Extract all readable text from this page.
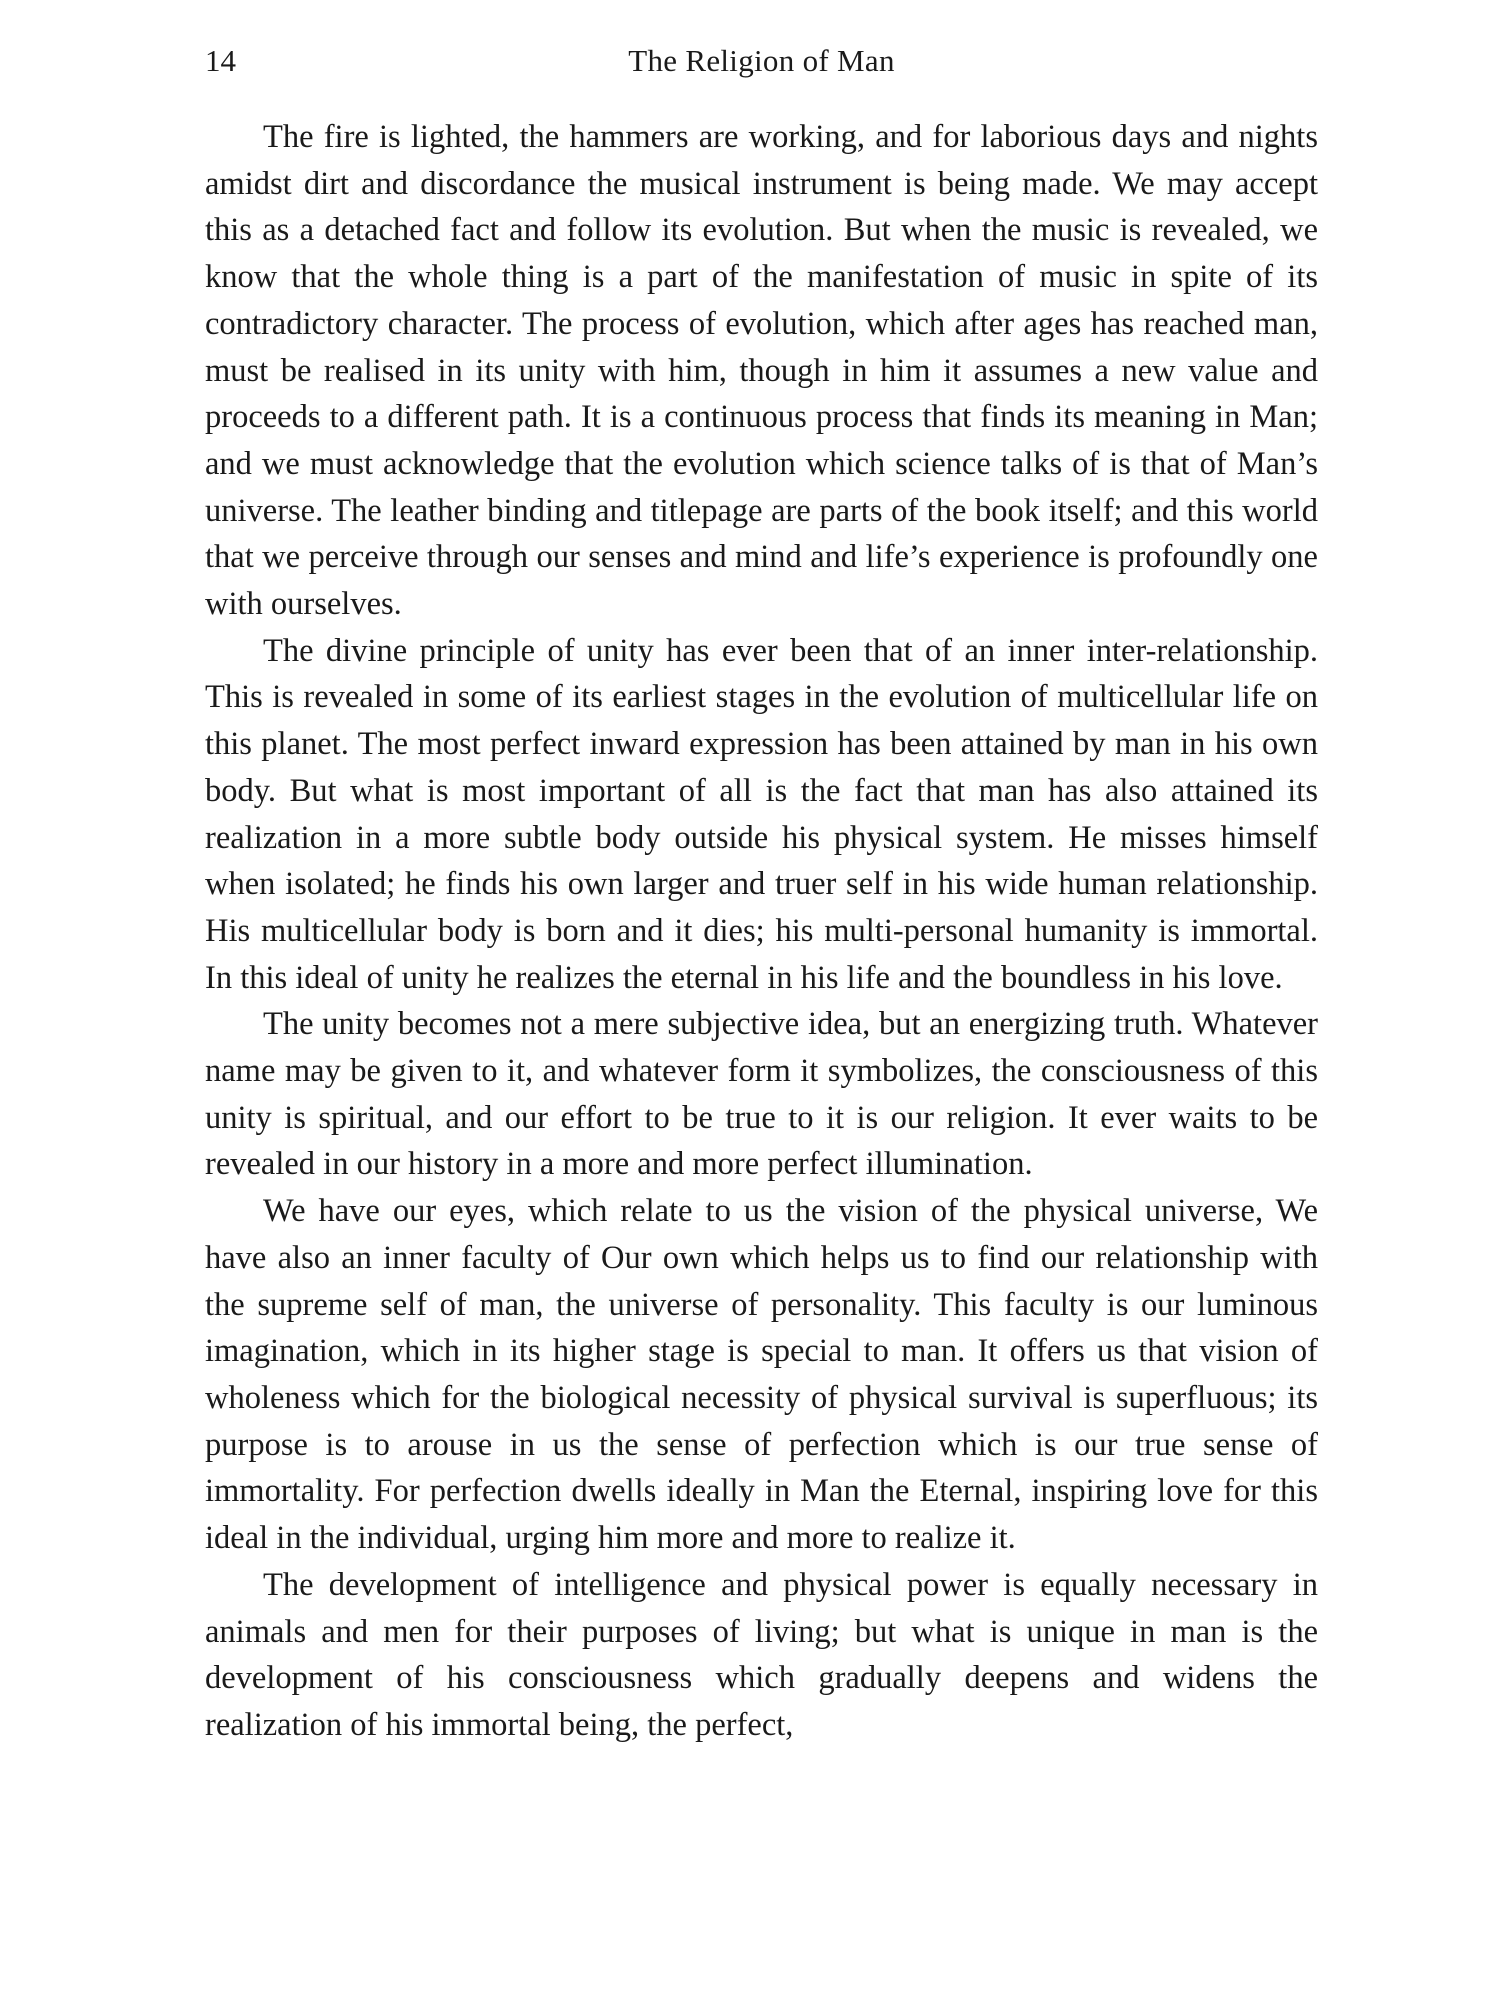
14	The Religion of Man

The fire is lighted, the hammers are working, and for laborious days and nights amidst dirt and discordance the musical instrument is being made. We may accept this as a detached fact and follow its evolution. But when the music is revealed, we know that the whole thing is a part of the manifestation of music in spite of its contradictory character. The process of evolution, which after ages has reached man, must be realised in its unity with him, though in him it assumes a new value and proceeds to a different path. It is a continuous process that finds its meaning in Man; and we must acknowledge that the evolution which science talks of is that of Man’s universe. The leather binding and titlepage are parts of the book itself; and this world that we perceive through our senses and mind and life’s experience is profoundly one with ourselves.

The divine principle of unity has ever been that of an inner inter-relationship. This is revealed in some of its earliest stages in the evolution of multicellular life on this planet. The most perfect inward expression has been attained by man in his own body. But what is most important of all is the fact that man has also attained its realization in a more subtle body outside his physical system. He misses himself when isolated; he finds his own larger and truer self in his wide human relationship. His multicellular body is born and it dies; his multi-personal humanity is immortal. In this ideal of unity he realizes the eternal in his life and the boundless in his love.

The unity becomes not a mere subjective idea, but an energizing truth. Whatever name may be given to it, and whatever form it symbolizes, the consciousness of this unity is spiritual, and our effort to be true to it is our religion. It ever waits to be revealed in our history in a more and more perfect illumination.

We have our eyes, which relate to us the vision of the physical universe, We have also an inner faculty of Our own which helps us to find our relationship with the supreme self of man, the universe of personality. This faculty is our luminous imagination, which in its higher stage is special to man. It offers us that vision of wholeness which for the biological necessity of physical survival is superfluous; its purpose is to arouse in us the sense of perfection which is our true sense of immortality. For perfection dwells ideally in Man the Eternal, inspiring love for this ideal in the individual, urging him more and more to realize it.

The development of intelligence and physical power is equally necessary in animals and men for their purposes of living; but what is unique in man is the development of his consciousness which gradually deepens and widens the realization of his immortal being, the perfect,
